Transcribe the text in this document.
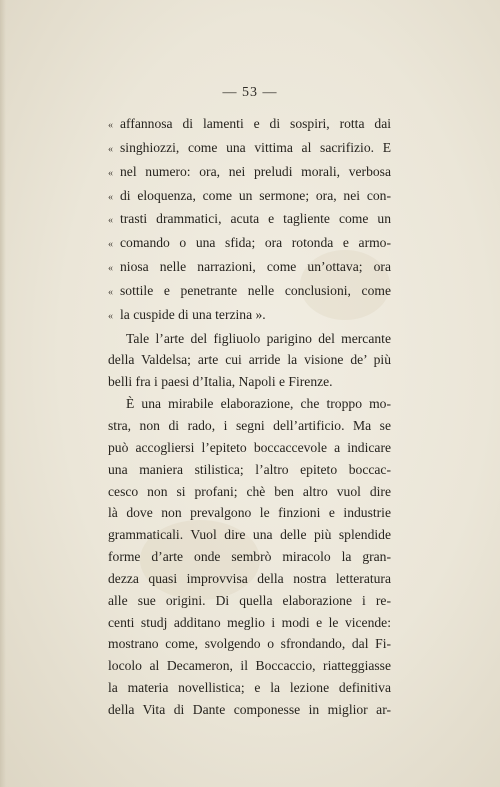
— 53 —
« affannosa di lamenti e di sospiri, rotta dai
« singhiozzi, come una vittima al sacrifizio. E
« nel numero: ora, nei preludi morali, verbosa
« di eloquenza, come un sermone; ora, nei con-
« trasti drammatici, acuta e tagliente come un
« comando o una sfida; ora rotonda e armo-
« niosa nelle narrazioni, come un’ottava; ora
« sottile e penetrante nelle conclusioni, come
« la cuspide di una terzina ».
Tale l’arte del figliuolo parigino del mercante
della Valdelsa; arte cui arride la visione de’ più
belli fra i paesi d’Italia, Napoli e Firenze.
È una mirabile elaborazione, che troppo mo-
stra, non di rado, i segni dell’artificio. Ma se
può accogliersi l’epiteto boccaccevole a indicare
una maniera stilistica; l’altro epiteto boccac-
cesco non si profani; chè ben altro vuol dire
là dove non prevalgono le finzioni e industrie
grammaticali. Vuol dire una delle più splendide
forme d’arte onde sembrò miracolo la gran-
dezza quasi improvvisa della nostra letteratura
alle sue origini. Di quella elaborazione i re-
centi studj additano meglio i modi e le vicende:
mostrano come, svolgendo o sfrondando, dal Fi-
locolo al Decameron, il Boccaccio, riatteggiasse
la materia novellistica; e la lezione definitiva
della Vita di Dante componesse in miglior ar-
